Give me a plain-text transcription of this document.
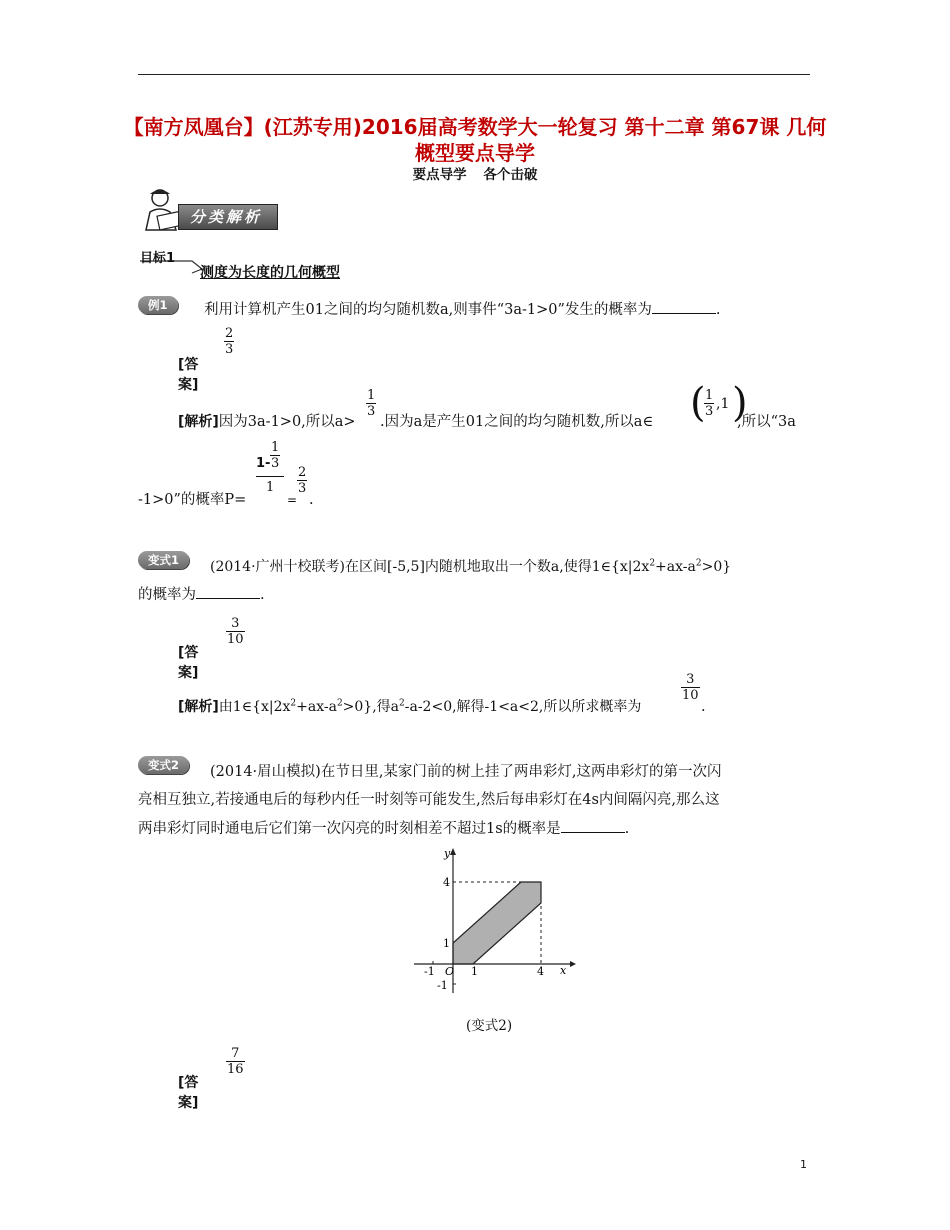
【南方凤凰台】(江苏专用)2016届高考数学大一轮复习 第十二章 第67课 几何概型要点导学
要点导学 各个击破
分类解析
目标1
测度为长度的几何概型
例1	利用计算机产生01之间的均匀随机数a,则事件“3a-1>0”发生的概率为	.
[答案]
$\frac{2}{3}$
[解析]因为3a-1>0,所以a>
$\frac{1}{3}$
.因为a是产生01之间的均匀随机数,所以a∈ (
$\frac{1}{3} ,1$ )
,所以“3a
-1>0”的概率P=
$1- \frac{1}{3}$
1
=
$\frac{2}{3}$
.
变式1	(2014·广州十校联考)在区间[-5,5]内随机地取出一个数a,使得$1\in\{x|2x^2+ax-a^2>0\}$
的概率为	.
[答案]
$\frac{3}{10}$
[解析]由$1\in\{x|2x^2+ax-a^2>0\}$,得$a^2-a-2<0$,解得-1<a<2,所以所求概率为
$\frac{3}{10}$
.
变式2	(2014·眉山模拟)在节日里,某家门前的树上挂了两串彩灯,这两串彩灯的第一次闪
亮相互独立,若接通电后的每秒内任一时刻等可能发生,然后每串彩灯在4s内间隔闪亮,那么这
两串彩灯同时通电后它们第一次闪亮的时刻相差不超过1s的概率是	.
y
x
O
-1	1	4
4
1
-1
(变式2)
[答案]
$\frac{7}{16}$
1
